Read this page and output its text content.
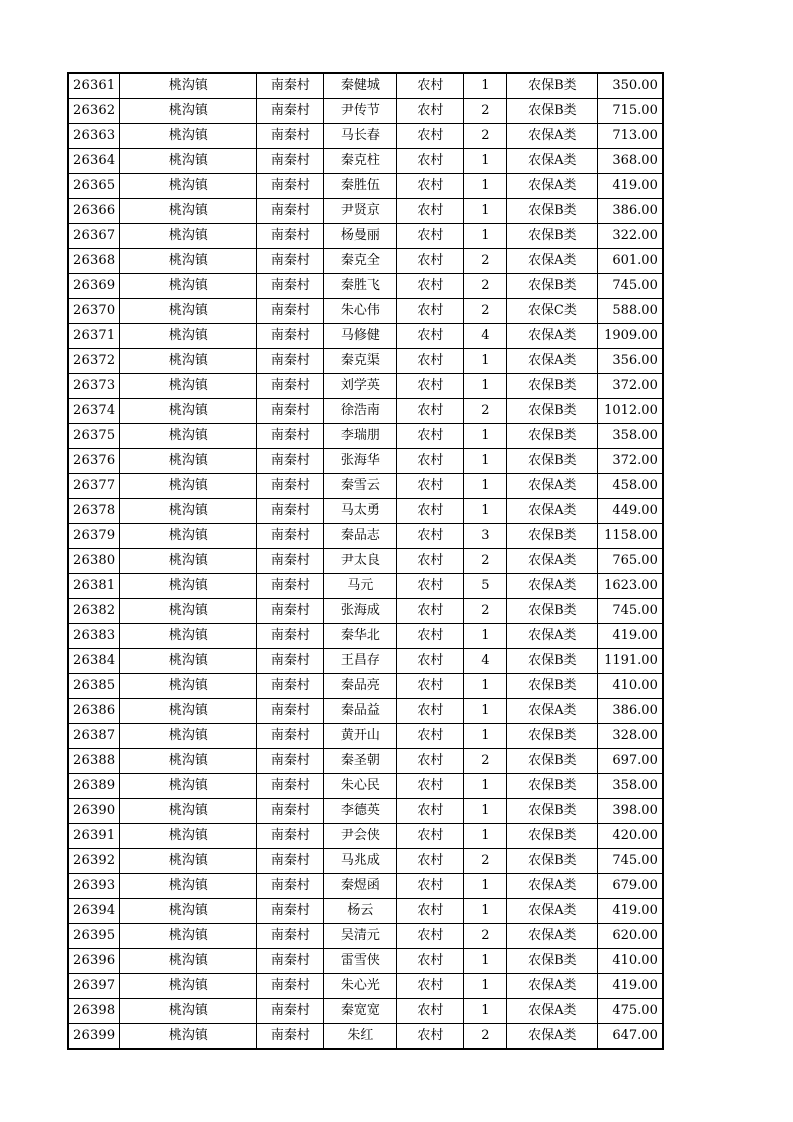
26361	桃沟镇	南秦村	秦健城	农村	1	农保B类	350.00
26362	桃沟镇	南秦村	尹传节	农村	2	农保B类	715.00
26363	桃沟镇	南秦村	马长春	农村	2	农保A类	713.00
26364	桃沟镇	南秦村	秦克柱	农村	1	农保A类	368.00
26365	桃沟镇	南秦村	秦胜伍	农村	1	农保A类	419.00
26366	桃沟镇	南秦村	尹贤京	农村	1	农保B类	386.00
26367	桃沟镇	南秦村	杨曼丽	农村	1	农保B类	322.00
26368	桃沟镇	南秦村	秦克全	农村	2	农保A类	601.00
26369	桃沟镇	南秦村	秦胜飞	农村	2	农保B类	745.00
26370	桃沟镇	南秦村	朱心伟	农村	2	农保C类	588.00
26371	桃沟镇	南秦村	马修健	农村	4	农保A类	1909.00
26372	桃沟镇	南秦村	秦克渠	农村	1	农保A类	356.00
26373	桃沟镇	南秦村	刘学英	农村	1	农保B类	372.00
26374	桃沟镇	南秦村	徐浩南	农村	2	农保B类	1012.00
26375	桃沟镇	南秦村	李瑞朋	农村	1	农保B类	358.00
26376	桃沟镇	南秦村	张海华	农村	1	农保B类	372.00
26377	桃沟镇	南秦村	秦雪云	农村	1	农保A类	458.00
26378	桃沟镇	南秦村	马太勇	农村	1	农保A类	449.00
26379	桃沟镇	南秦村	秦品志	农村	3	农保B类	1158.00
26380	桃沟镇	南秦村	尹太良	农村	2	农保A类	765.00
26381	桃沟镇	南秦村	马元	农村	5	农保A类	1623.00
26382	桃沟镇	南秦村	张海成	农村	2	农保B类	745.00
26383	桃沟镇	南秦村	秦华北	农村	1	农保A类	419.00
26384	桃沟镇	南秦村	王昌存	农村	4	农保B类	1191.00
26385	桃沟镇	南秦村	秦品亮	农村	1	农保B类	410.00
26386	桃沟镇	南秦村	秦品益	农村	1	农保A类	386.00
26387	桃沟镇	南秦村	黄开山	农村	1	农保B类	328.00
26388	桃沟镇	南秦村	秦圣朝	农村	2	农保B类	697.00
26389	桃沟镇	南秦村	朱心民	农村	1	农保B类	358.00
26390	桃沟镇	南秦村	李德英	农村	1	农保B类	398.00
26391	桃沟镇	南秦村	尹会侠	农村	1	农保B类	420.00
26392	桃沟镇	南秦村	马兆成	农村	2	农保B类	745.00
26393	桃沟镇	南秦村	秦煜函	农村	1	农保A类	679.00
26394	桃沟镇	南秦村	杨云	农村	1	农保A类	419.00
26395	桃沟镇	南秦村	吴清元	农村	2	农保A类	620.00
26396	桃沟镇	南秦村	雷雪侠	农村	1	农保B类	410.00
26397	桃沟镇	南秦村	朱心光	农村	1	农保A类	419.00
26398	桃沟镇	南秦村	秦宽宽	农村	1	农保A类	475.00
26399	桃沟镇	南秦村	朱红	农村	2	农保A类	647.00
